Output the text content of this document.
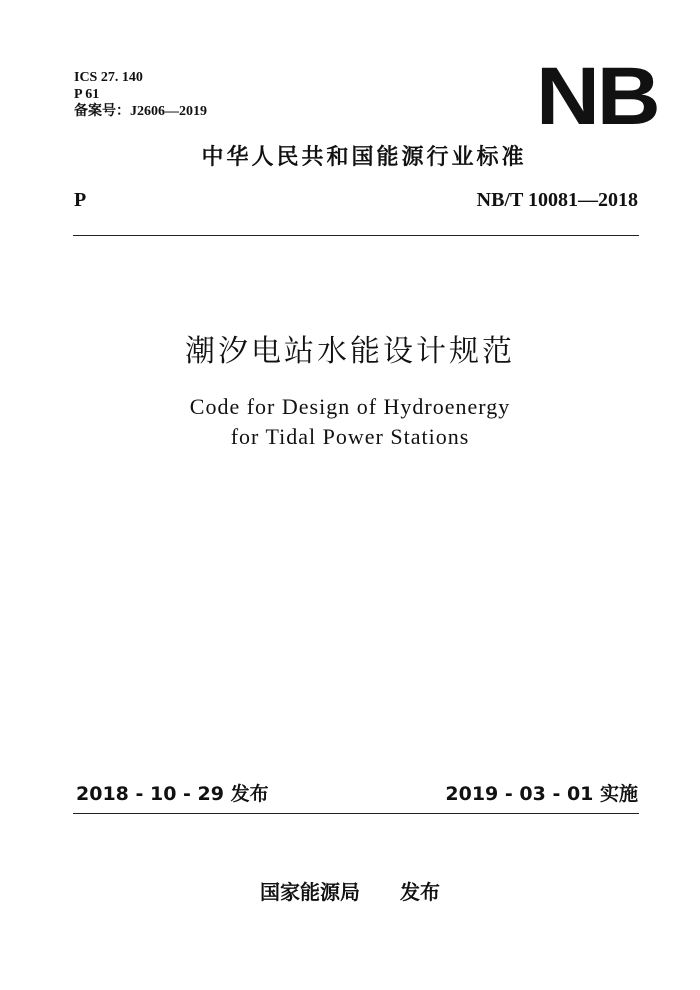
ICS 27. 140
P 61
备案号：J2606—2019	NB
中华人民共和国能源行业标准
P	NB/T 10081—2018
潮汐电站水能设计规范
Code for Design of Hydroenergy
for Tidal Power Stations
2018 - 10 - 29 发布	2019 - 03 - 01 实施
国家能源局 发布
